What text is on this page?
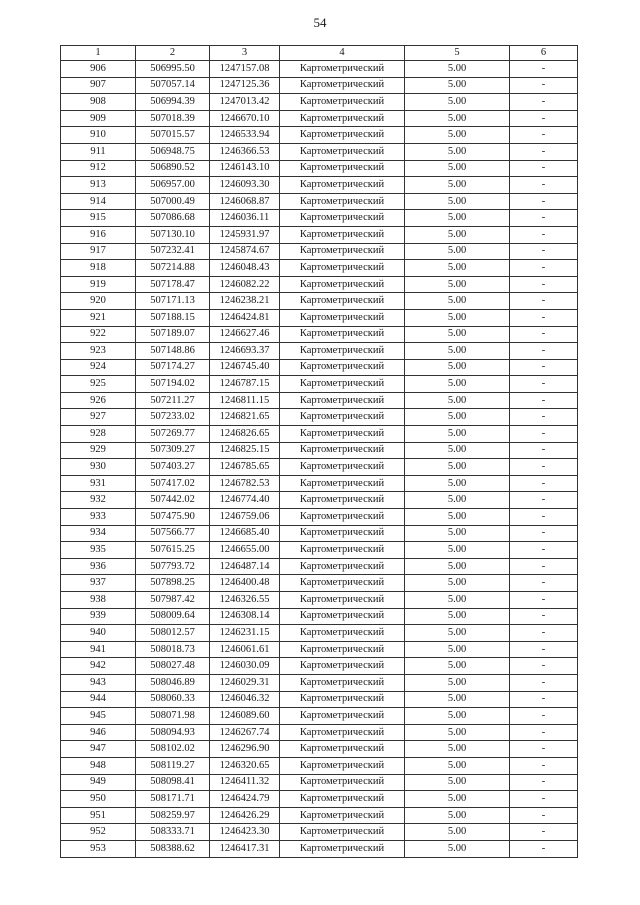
54
1	2	3	4	5	6
906	506995.50	1247157.08	Картометрический	5.00	-
907	507057.14	1247125.36	Картометрический	5.00	-
908	506994.39	1247013.42	Картометрический	5.00	-
909	507018.39	1246670.10	Картометрический	5.00	-
910	507015.57	1246533.94	Картометрический	5.00	-
911	506948.75	1246366.53	Картометрический	5.00	-
912	506890.52	1246143.10	Картометрический	5.00	-
913	506957.00	1246093.30	Картометрический	5.00	-
914	507000.49	1246068.87	Картометрический	5.00	-
915	507086.68	1246036.11	Картометрический	5.00	-
916	507130.10	1245931.97	Картометрический	5.00	-
917	507232.41	1245874.67	Картометрический	5.00	-
918	507214.88	1246048.43	Картометрический	5.00	-
919	507178.47	1246082.22	Картометрический	5.00	-
920	507171.13	1246238.21	Картометрический	5.00	-
921	507188.15	1246424.81	Картометрический	5.00	-
922	507189.07	1246627.46	Картометрический	5.00	-
923	507148.86	1246693.37	Картометрический	5.00	-
924	507174.27	1246745.40	Картометрический	5.00	-
925	507194.02	1246787.15	Картометрический	5.00	-
926	507211.27	1246811.15	Картометрический	5.00	-
927	507233.02	1246821.65	Картометрический	5.00	-
928	507269.77	1246826.65	Картометрический	5.00	-
929	507309.27	1246825.15	Картометрический	5.00	-
930	507403.27	1246785.65	Картометрический	5.00	-
931	507417.02	1246782.53	Картометрический	5.00	-
932	507442.02	1246774.40	Картометрический	5.00	-
933	507475.90	1246759.06	Картометрический	5.00	-
934	507566.77	1246685.40	Картометрический	5.00	-
935	507615.25	1246655.00	Картометрический	5.00	-
936	507793.72	1246487.14	Картометрический	5.00	-
937	507898.25	1246400.48	Картометрический	5.00	-
938	507987.42	1246326.55	Картометрический	5.00	-
939	508009.64	1246308.14	Картометрический	5.00	-
940	508012.57	1246231.15	Картометрический	5.00	-
941	508018.73	1246061.61	Картометрический	5.00	-
942	508027.48	1246030.09	Картометрический	5.00	-
943	508046.89	1246029.31	Картометрический	5.00	-
944	508060.33	1246046.32	Картометрический	5.00	-
945	508071.98	1246089.60	Картометрический	5.00	-
946	508094.93	1246267.74	Картометрический	5.00	-
947	508102.02	1246296.90	Картометрический	5.00	-
948	508119.27	1246320.65	Картометрический	5.00	-
949	508098.41	1246411.32	Картометрический	5.00	-
950	508171.71	1246424.79	Картометрический	5.00	-
951	508259.97	1246426.29	Картометрический	5.00	-
952	508333.71	1246423.30	Картометрический	5.00	-
953	508388.62	1246417.31	Картометрический	5.00	-
